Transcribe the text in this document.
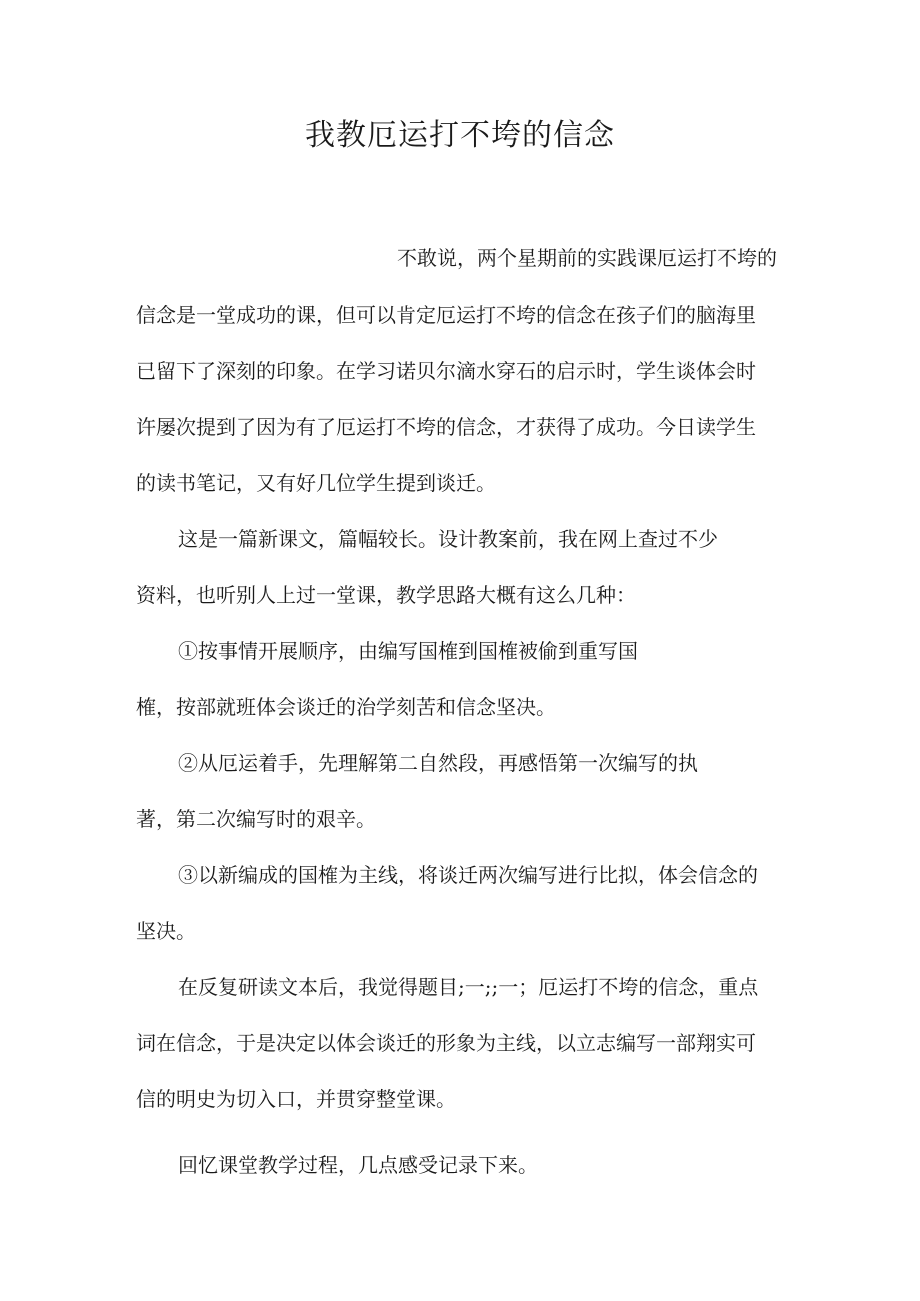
我教厄运打不垮的信念

不敢说，两个星期前的实践课厄运打不垮的

信念是一堂成功的课，但可以肯定厄运打不垮的信念在孩子们的脑海里

已留下了深刻的印象。在学习诺贝尔滴水穿石的启示时，学生谈体会时

许屡次提到了因为有了厄运打不垮的信念，才获得了成功。今日读学生

的读书笔记，又有好几位学生提到谈迁。

这是一篇新课文，篇幅较长。设计教案前，我在网上查过不少

资料，也听别人上过一堂课，教学思路大概有这么几种：

①按事情开展顺序，由编写国榷到国榷被偷到重写国

榷，按部就班体会谈迁的治学刻苦和信念坚决。

②从厄运着手，先理解第二自然段，再感悟第一次编写的执

著，第二次编写时的艰辛。

③以新编成的国榷为主线，将谈迁两次编写进行比拟，体会信念的

坚决。

在反复研读文本后，我觉得题目;一;;一；厄运打不垮的信念，重点

词在信念，于是决定以体会谈迁的形象为主线，以立志编写一部翔实可

信的明史为切入口，并贯穿整堂课。

回忆课堂教学过程，几点感受记录下来。
